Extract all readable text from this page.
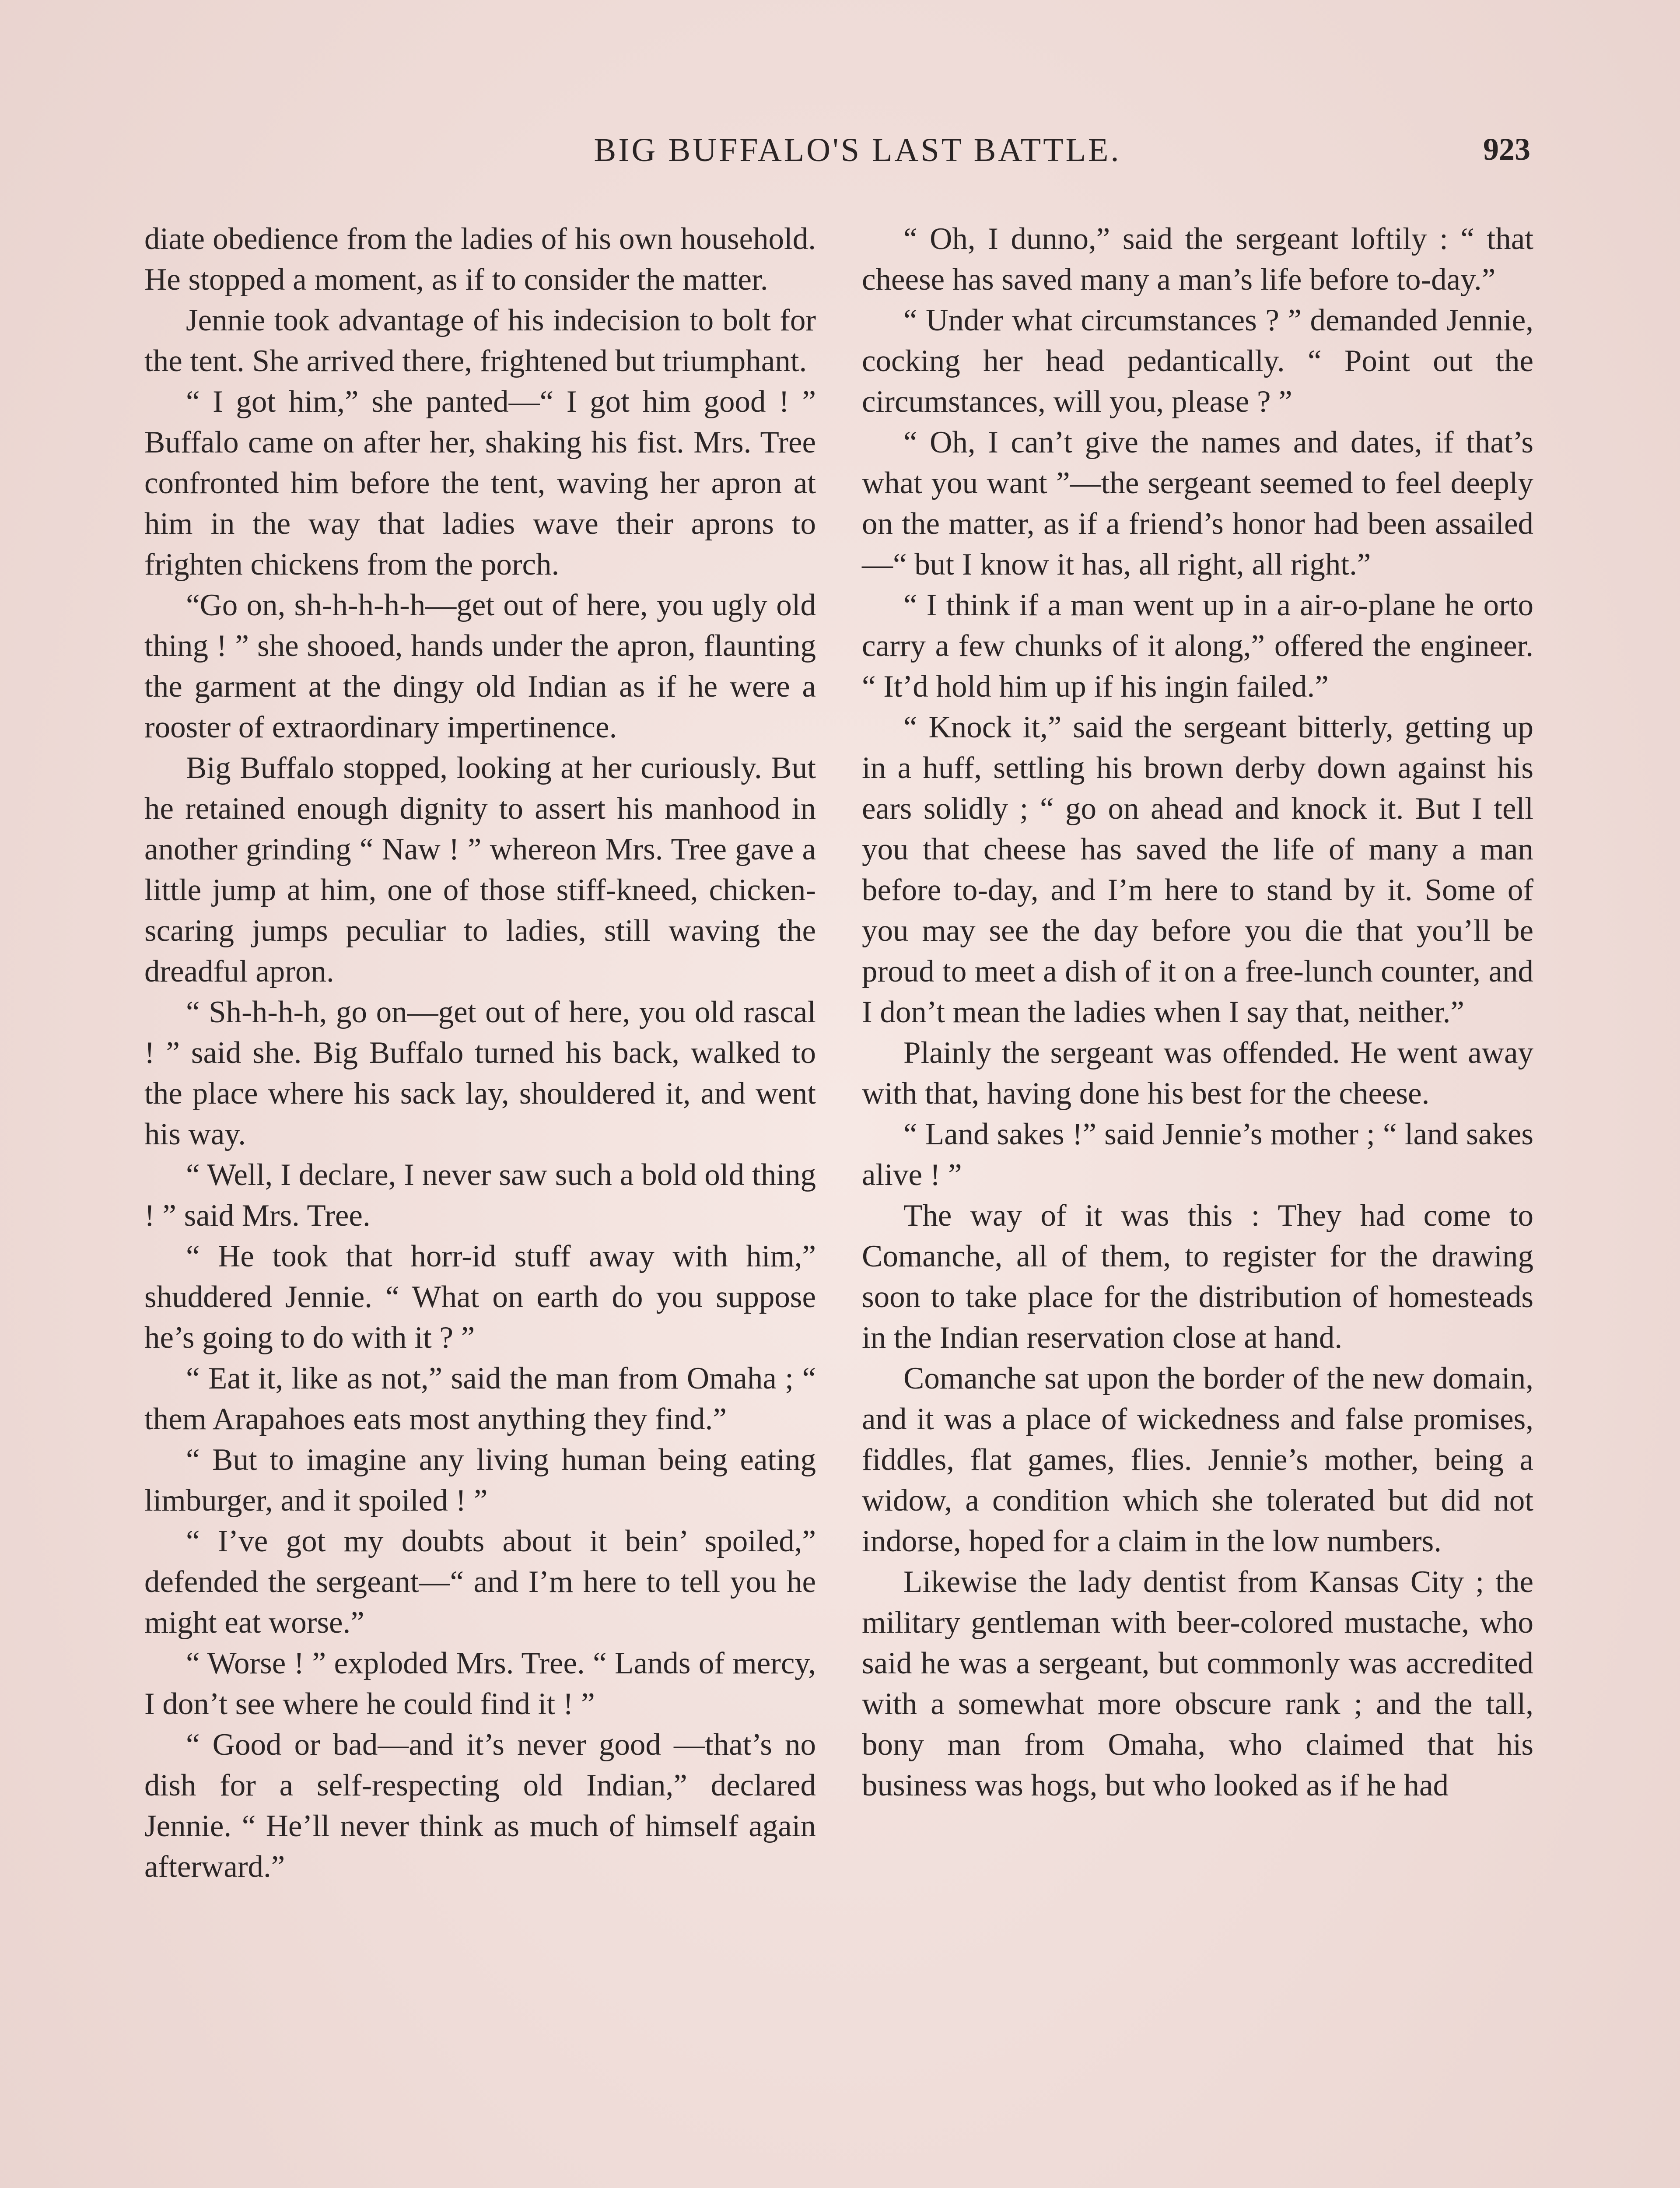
BIG BUFFALO'S LAST BATTLE.	923

diate obedience from the ladies of his own household. He stopped a moment, as if to consider the matter.

Jennie took advantage of his indecision to bolt for the tent. She arrived there, frightened but triumphant.

“ I got him,” she panted—“ I got him good ! ” Buffalo came on after her, shaking his fist. Mrs. Tree confronted him before the tent, waving her apron at him in the way that ladies wave their aprons to frighten chickens from the porch.

“Go on, sh-h-h-h-h—get out of here, you ugly old thing ! ” she shooed, hands under the apron, flaunting the garment at the dingy old Indian as if he were a rooster of extraordinary impertinence.

Big Buffalo stopped, looking at her curiously. But he retained enough dignity to assert his manhood in another grinding “ Naw ! ” whereon Mrs. Tree gave a little jump at him, one of those stiff-kneed, chicken-scaring jumps peculiar to ladies, still waving the dreadful apron.

“ Sh-h-h-h, go on—get out of here, you old rascal ! ” said she. Big Buffalo turned his back, walked to the place where his sack lay, shouldered it, and went his way.

“ Well, I declare, I never saw such a bold old thing ! ” said Mrs. Tree.

“ He took that horr-id stuff away with him,” shuddered Jennie. “ What on earth do you suppose he’s going to do with it ? ”

“ Eat it, like as not,” said the man from Omaha ; “ them Arapahoes eats most anything they find.”

“ But to imagine any living human being eating limburger, and it spoiled ! ”

“ I’ve got my doubts about it bein’ spoiled,” defended the sergeant—“ and I’m here to tell you he might eat worse.”

“ Worse ! ” exploded Mrs. Tree. “ Lands of mercy, I don’t see where he could find it ! ”

“ Good or bad—and it’s never good —that’s no dish for a self-respecting old Indian,” declared Jennie. “ He’ll never think as much of himself again afterward.”

“ Oh, I dunno,” said the sergeant loftily : “ that cheese has saved many a man’s life before to-day.”

“ Under what circumstances ? ” demanded Jennie, cocking her head pedantically. “ Point out the circumstances, will you, please ? ”

“ Oh, I can’t give the names and dates, if that’s what you want ”—the sergeant seemed to feel deeply on the matter, as if a friend’s honor had been assailed—“ but I know it has, all right, all right.”

“ I think if a man went up in a air-o-plane he orto carry a few chunks of it along,” offered the engineer. “ It’d hold him up if his ingin failed.”

“ Knock it,” said the sergeant bitterly, getting up in a huff, settling his brown derby down against his ears solidly ; “ go on ahead and knock it. But I tell you that cheese has saved the life of many a man before to-day, and I’m here to stand by it. Some of you may see the day before you die that you’ll be proud to meet a dish of it on a free-lunch counter, and I don’t mean the ladies when I say that, neither.”

Plainly the sergeant was offended. He went away with that, having done his best for the cheese.

“ Land sakes !” said Jennie’s mother ; “ land sakes alive ! ”

The way of it was this : They had come to Comanche, all of them, to register for the drawing soon to take place for the distribution of homesteads in the Indian reservation close at hand.

Comanche sat upon the border of the new domain, and it was a place of wickedness and false promises, fiddles, flat games, flies. Jennie’s mother, being a widow, a condition which she tolerated but did not indorse, hoped for a claim in the low numbers.

Likewise the lady dentist from Kansas City ; the military gentleman with beer-colored mustache, who said he was a sergeant, but commonly was accredited with a somewhat more obscure rank ; and the tall, bony man from Omaha, who claimed that his business was hogs, but who looked as if he had
